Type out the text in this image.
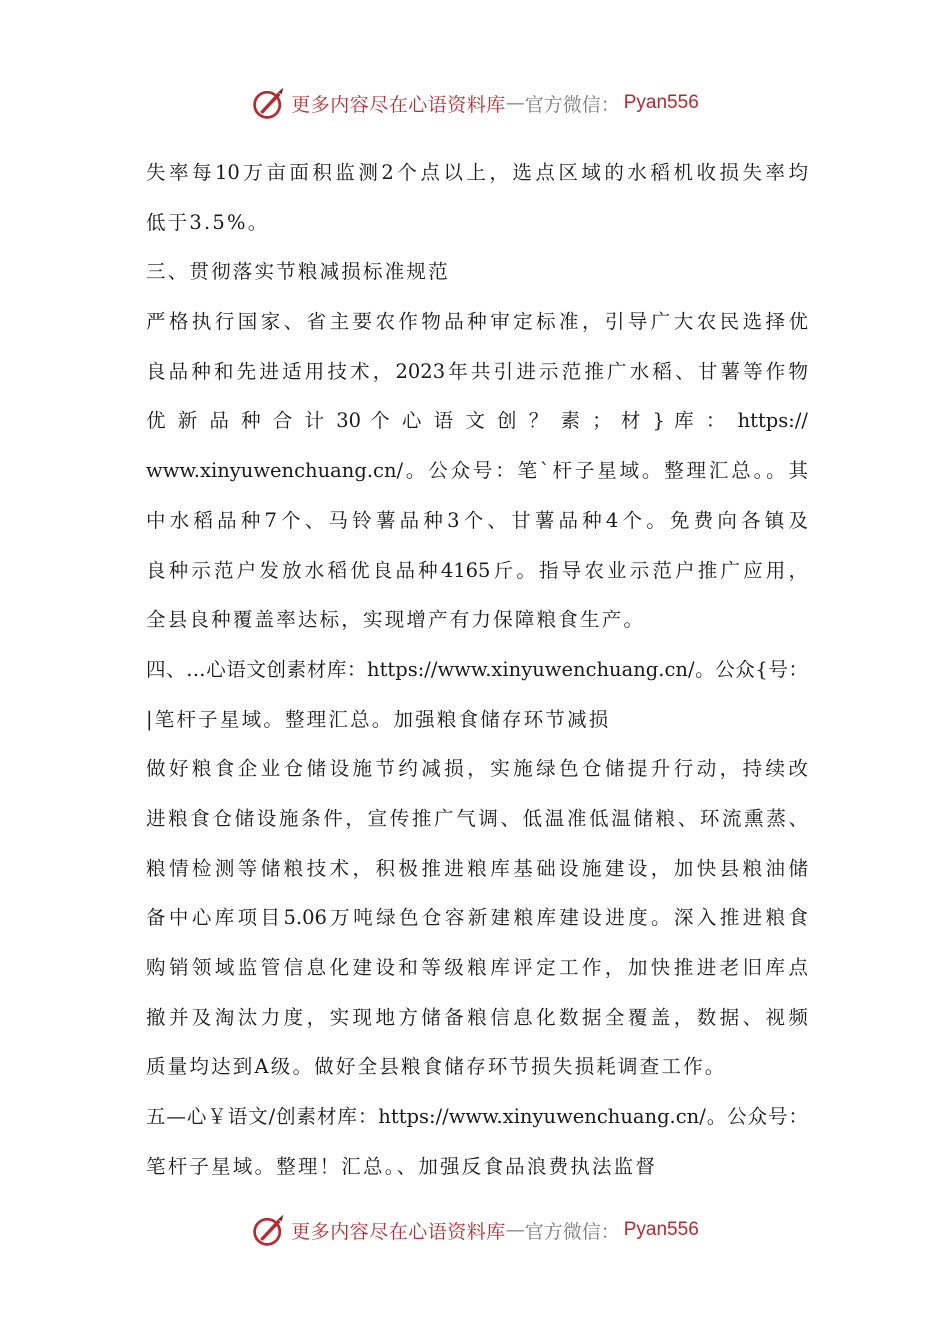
更多内容尽在心语资料库 — 官方微信： Pyan556
失率每10万亩面积监测2个点以上，选点区域的水稻机收损失率均
低于3.5%。
三、贯彻落实节粮减损标准规范
严格执行国家、省主要农作物品种审定标准，引导广大农民选择优
良品种和先进适用技术，2023年共引进示范推广水稻、甘薯等作物
优 新 品 种 合 计 30 个 心 语 文 创 ？ 素 ； 材 } 库 ： https://
www.xinyuwenchuang.cn/。公众号：笔`杆子星域。整理汇总。。其
中水稻品种7个、马铃薯品种3个、甘薯品种4个。免费向各镇及
良种示范户发放水稻优良品种4165斤。指导农业示范户推广应用，
全县良种覆盖率达标，实现增产有力保障粮食生产。
四、…心语文创素材库：https://www.xinyuwenchuang.cn/。公众{号：
|笔杆子星域。整理汇总。加强粮食储存环节减损
做好粮食企业仓储设施节约减损，实施绿色仓储提升行动，持续改
进粮食仓储设施条件，宣传推广气调、低温准低温储粮、环流熏蒸、
粮情检测等储粮技术，积极推进粮库基础设施建设，加快县粮油储
备中心库项目5.06万吨绿色仓容新建粮库建设进度。深入推进粮食
购销领域监管信息化建设和等级粮库评定工作，加快推进老旧库点
撤并及淘汰力度，实现地方储备粮信息化数据全覆盖，数据、视频
质量均达到A级。做好全县粮食储存环节损失损耗调查工作。
五—心￥语文/创素材库：https://www.xinyuwenchuang.cn/。公众号：
笔杆子星域。整理！汇总。、加强反食品浪费执法监督
更多内容尽在心语资料库 — 官方微信： Pyan556
